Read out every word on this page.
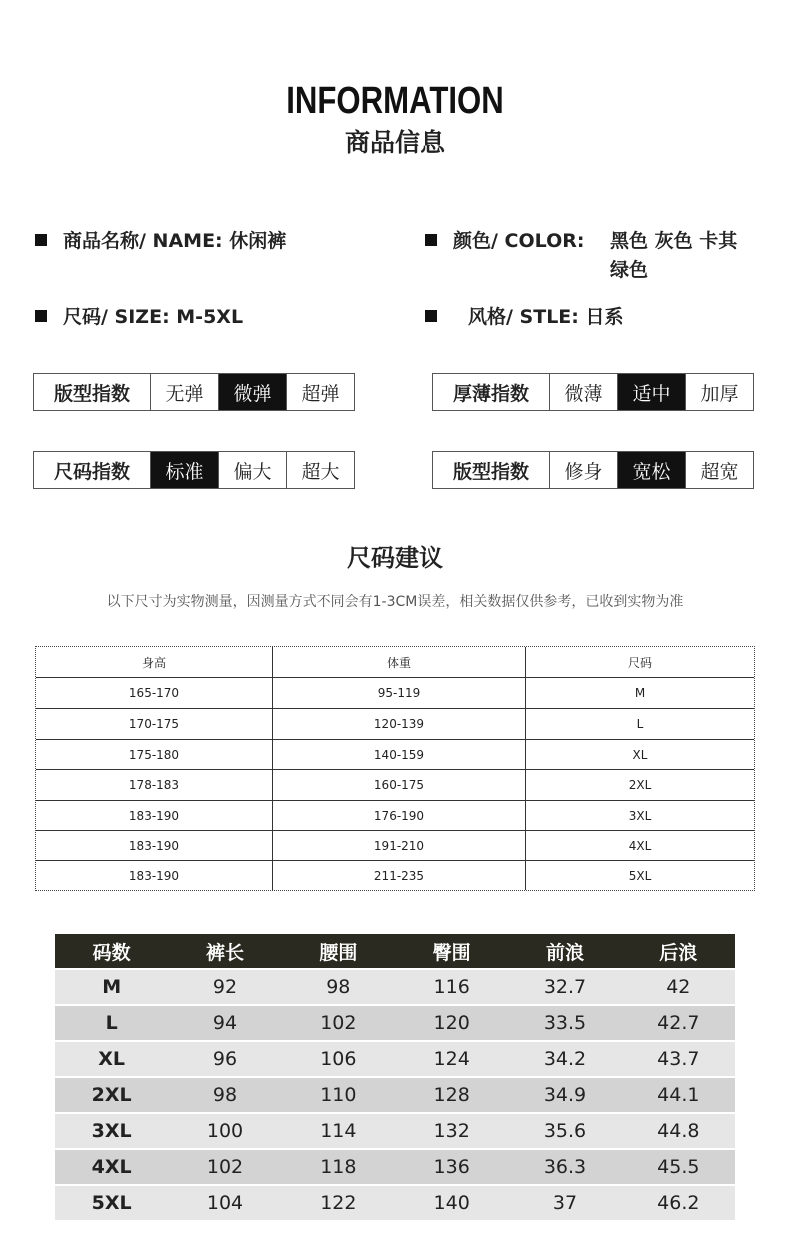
INFORMATION
商品信息
商品名称/ NAME: 休闲裤	颜色/ COLOR: 黑色 灰色 卡其
绿色
尺码/ SIZE: M-5XL	风格/ STLE: 日系
版型指数	无弹	微弹	超弹	厚薄指数	微薄	适中	加厚
尺码指数	标准	偏大	超大	版型指数	修身	宽松	超宽
尺码建议
以下尺寸为实物测量，因测量方式不同会有1-3CM误差，相关数据仅供参考，已收到实物为准
身高	体重	尺码
165-170	95-119	M
170-175	120-139	L
175-180	140-159	XL
178-183	160-175	2XL
183-190	176-190	3XL
183-190	191-210	4XL
183-190	211-235	5XL
码数	裤长	腰围	臀围	前浪	后浪
M	92	98	116	32.7	42
L	94	102	120	33.5	42.7
XL	96	106	124	34.2	43.7
2XL	98	110	128	34.9	44.1
3XL	100	114	132	35.6	44.8
4XL	102	118	136	36.3	45.5
5XL	104	122	140	37	46.2
